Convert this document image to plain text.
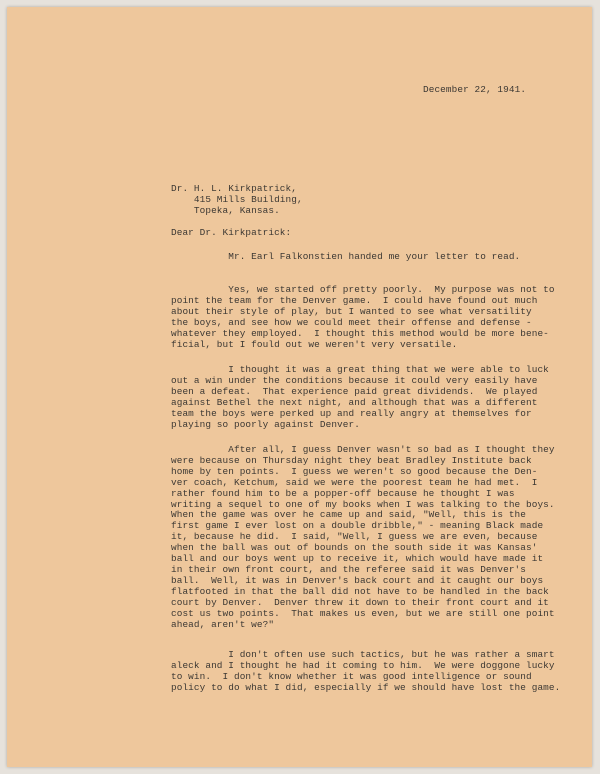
December 22, 1941.
Dr. H. L. Kirkpatrick,
415 Mills Building,
Topeka, Kansas.
Dear Dr. Kirkpatrick:
Mr. Earl Falkonstien handed me your letter to read.
Yes, we started off pretty poorly.  My purpose was not to
point the team for the Denver game.  I could have found out much
about their style of play, but I wanted to see what versatility
the boys, and see how we could meet their offense and defense -
whatever they employed.  I thought this method would be more bene-
ficial, but I fould out we weren't very versatile.
I thought it was a great thing that we were able to luck
out a win under the conditions because it could very easily have
been a defeat.  That experience paid great dividends.  We played
against Bethel the next night, and although that was a different
team the boys were perked up and really angry at themselves for
playing so poorly against Denver.
After all, I guess Denver wasn't so bad as I thought they
were because on Thursday night they beat Bradley Institute back
home by ten points.  I guess we weren't so good because the Den-
ver coach, Ketchum, said we were the poorest team he had met.  I
rather found him to be a popper-off because he thought I was
writing a sequel to one of my books when I was talking to the boys.
When the game was over he came up and said, "Well, this is the
first game I ever lost on a double dribble," - meaning Black made
it, because he did.  I said, "Well, I guess we are even, because
when the ball was out of bounds on the south side it was Kansas'
ball and our boys went up to receive it, which would have made it
in their own front court, and the referee said it was Denver's
ball.  Well, it was in Denver's back court and it caught our boys
flatfooted in that the ball did not have to be handled in the back
court by Denver.  Denver threw it down to their front court and it
cost us two points.  That makes us even, but we are still one point
ahead, aren't we?"
I don't often use such tactics, but he was rather a smart
aleck and I thought he had it coming to him.  We were doggone lucky
to win.  I don't know whether it was good intelligence or sound
policy to do what I did, especially if we should have lost the game.
